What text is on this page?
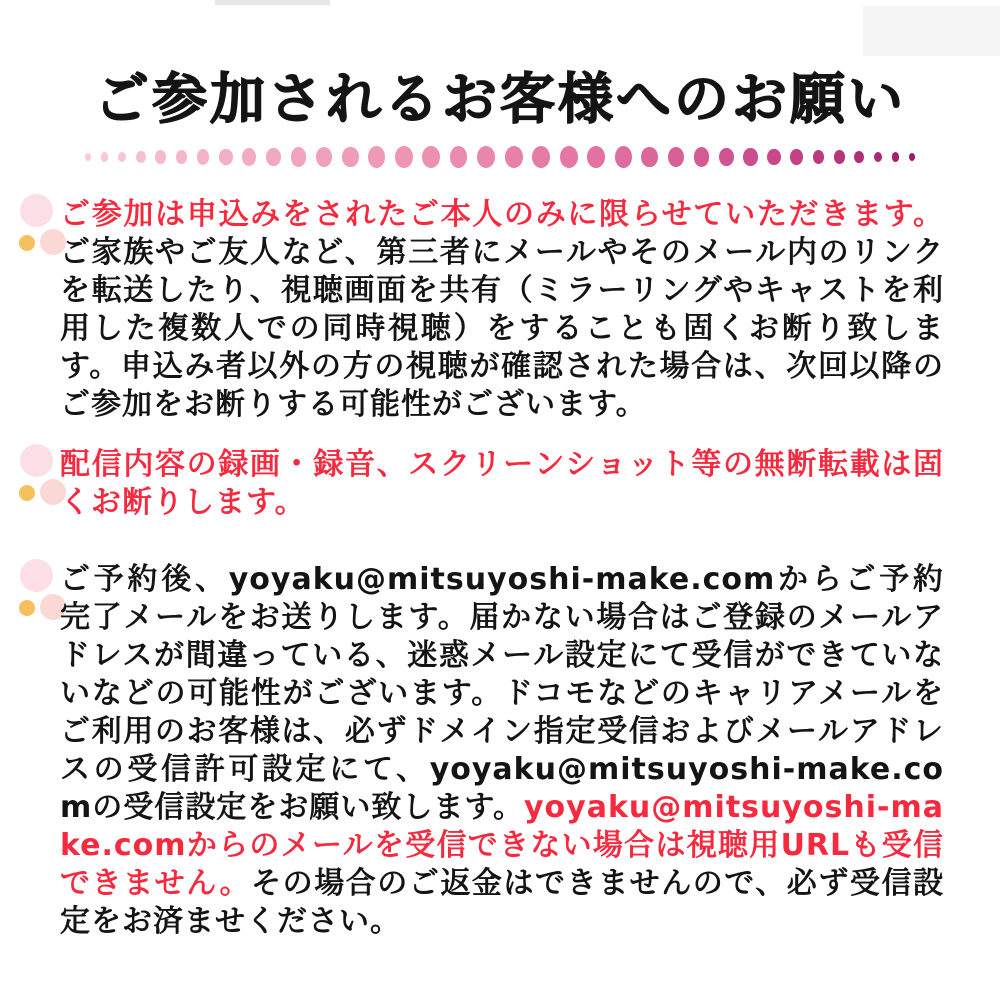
ご参加されるお客様へのお願い

ご参加は申込みをされたご本人のみに限らせていただきます。ご家族やご友人など、第三者にメールやそのメール内のリンクを転送したり、視聴画面を共有（ミラーリングやキャストを利用した複数人での同時視聴）をすることも固くお断り致します。申込み者以外の方の視聴が確認された場合は、次回以降のご参加をお断りする可能性がございます。

配信内容の録画・録音、スクリーンショット等の無断転載は固くお断りします。

ご予約後、yoyaku@mitsuyoshi-make.comからご予約完了メールをお送りします。届かない場合はご登録のメールアドレスが間違っている、迷惑メール設定にて受信ができていないなどの可能性がございます。ドコモなどのキャリアメールをご利用のお客様は、必ずドメイン指定受信およびメールアドレスの受信許可設定にて、yoyaku@mitsuyoshi-make.comの受信設定をお願い致します。yoyaku@mitsuyoshi-make.comからのメールを受信できない場合は視聴用URLも受信できません。その場合のご返金はできませんので、必ず受信設定をお済ませください。
